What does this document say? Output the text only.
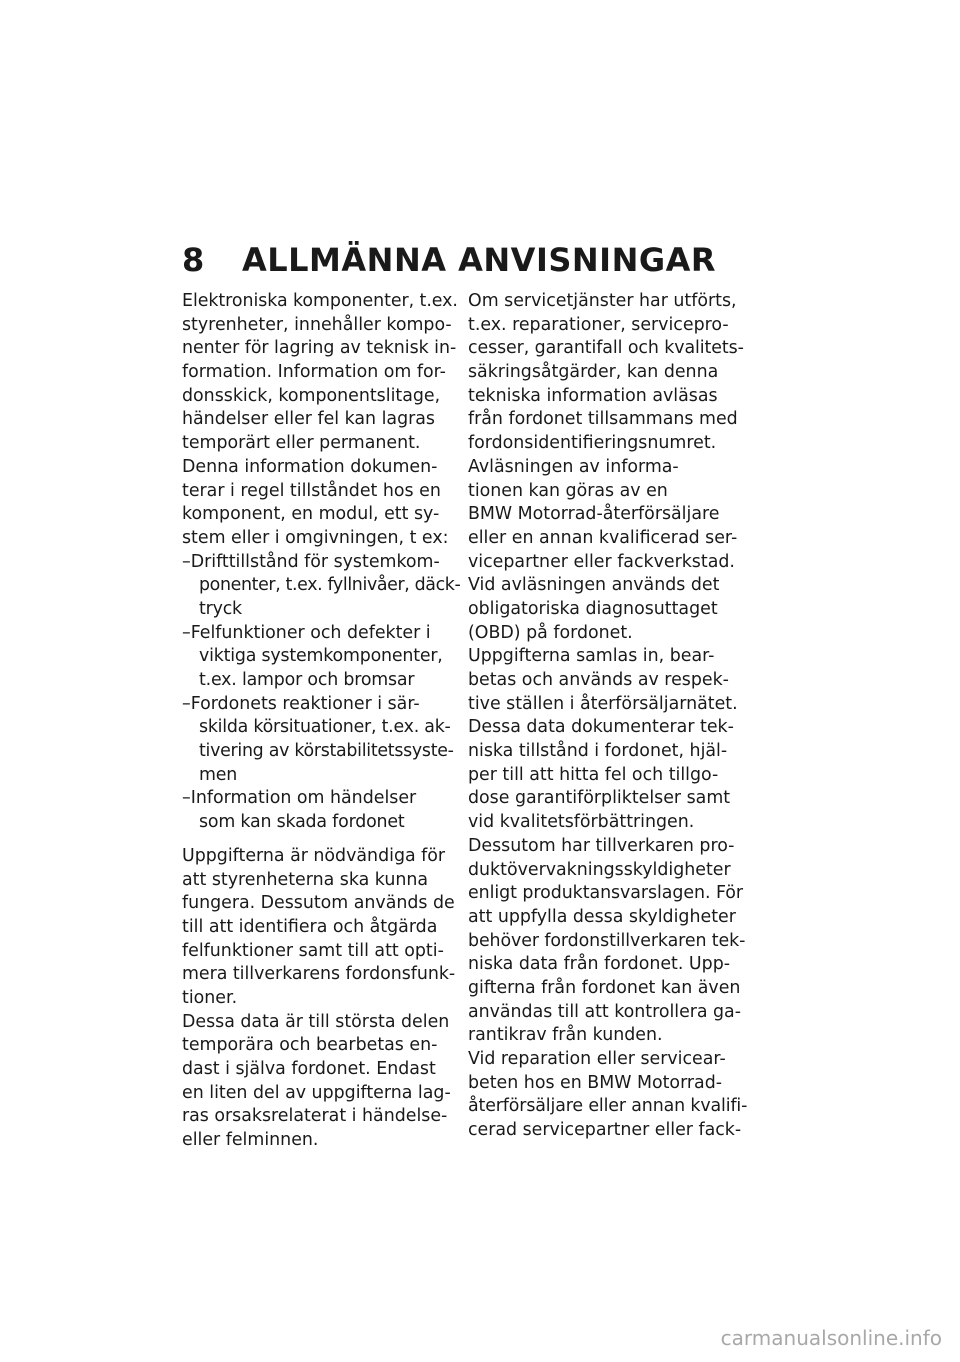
8 ALLMÄNNA ANVISNINGAR
Elektroniska komponenter, t.ex.
styrenheter, innehåller kompo-
nenter för lagring av teknisk in-
formation. Information om for-
donsskick, komponentslitage,
händelser eller fel kan lagras
temporärt eller permanent.
Denna information dokumen-
terar i regel tillståndet hos en
komponent, en modul, ett sy-
stem eller i omgivningen, t ex:
–Drifttillstånd för systemkom-
ponenter, t.ex. fyllnivåer, däck-
tryck
–Felfunktioner och defekter i
viktiga systemkomponenter,
t.ex. lampor och bromsar
–Fordonets reaktioner i sär-
skilda körsituationer, t.ex. ak-
tivering av körstabilitetssyste-
men
–Information om händelser
som kan skada fordonet
Uppgifterna är nödvändiga för
att styrenheterna ska kunna
fungera. Dessutom används de
till att identifiera och åtgärda
felfunktioner samt till att opti-
mera tillverkarens fordonsfunk-
tioner.
Dessa data är till största delen
temporära och bearbetas en-
dast i själva fordonet. Endast
en liten del av uppgifterna lag-
ras orsaksrelaterat i händelse-
eller felminnen.
Om servicetjänster har utförts,
t.ex. reparationer, servicepro-
cesser, garantifall och kvalitets-
säkringsåtgärder, kan denna
tekniska information avläsas
från fordonet tillsammans med
fordonsidentifieringsnumret.
Avläsningen av informa-
tionen kan göras av en
BMW Motorrad-återförsäljare
eller en annan kvalificerad ser-
vicepartner eller fackverkstad.
Vid avläsningen används det
obligatoriska diagnosuttaget
(OBD) på fordonet.
Uppgifterna samlas in, bear-
betas och används av respek-
tive ställen i återförsäljarnätet.
Dessa data dokumenterar tek-
niska tillstånd i fordonet, hjäl-
per till att hitta fel och tillgo-
dose garantiförpliktelser samt
vid kvalitetsförbättringen.
Dessutom har tillverkaren pro-
duktövervakningsskyldigheter
enligt produktansvarslagen. För
att uppfylla dessa skyldigheter
behöver fordonstillverkaren tek-
niska data från fordonet. Upp-
gifterna från fordonet kan även
användas till att kontrollera ga-
rantikrav från kunden.
Vid reparation eller servicear-
beten hos en BMW Motorrad-
återförsäljare eller annan kvalifi-
cerad servicepartner eller fack-
carmanualsonline.info
